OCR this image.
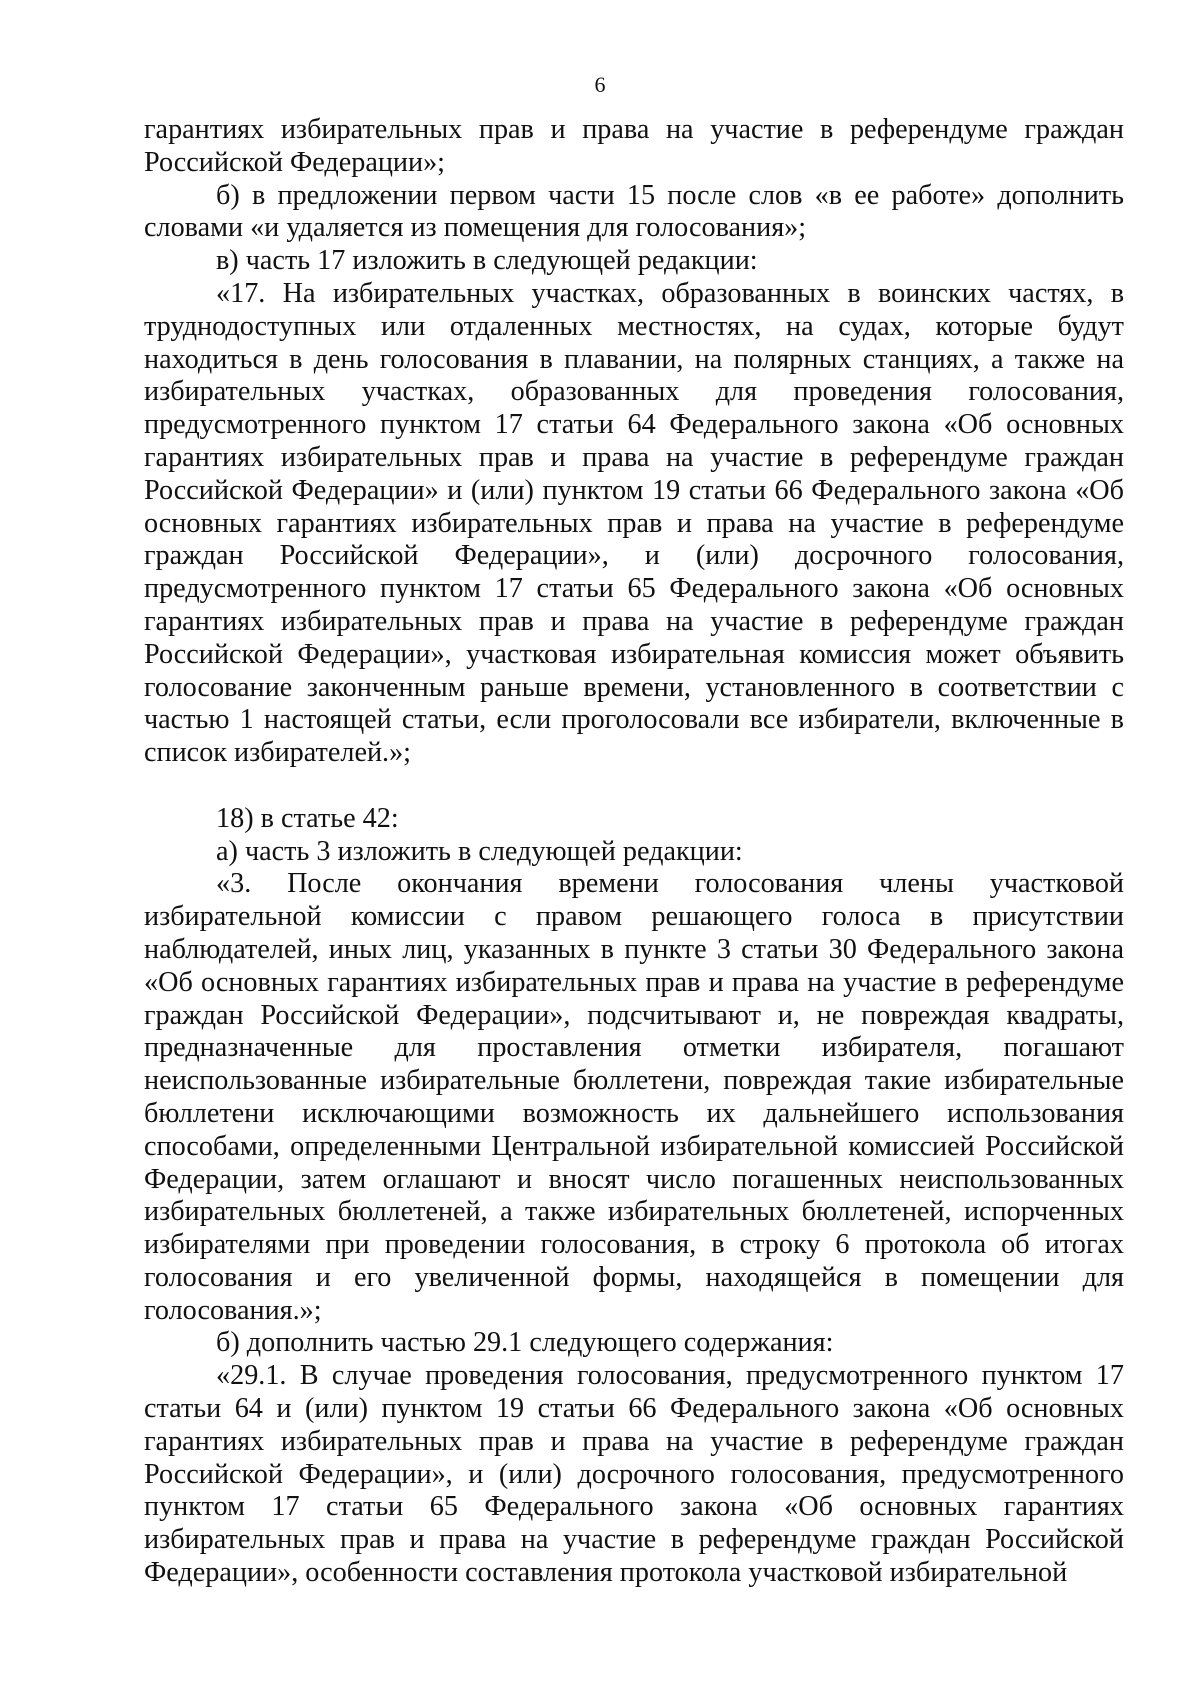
6

гарантиях избирательных прав и права на участие в референдуме граждан Российской Федерации»;

б) в предложении первом части 15 после слов «в ее работе» дополнить словами «и удаляется из помещения для голосования»;

в) часть 17 изложить в следующей редакции:

«17. На избирательных участках, образованных в воинских частях, в труднодоступных или отдаленных местностях, на судах, которые будут находиться в день голосования в плавании, на полярных станциях, а также на избирательных участках, образованных для проведения голосования, предусмотренного пунктом 17 статьи 64 Федерального закона «Об основных гарантиях избирательных прав и права на участие в референдуме граждан Российской Федерации» и (или) пунктом 19 статьи 66 Федерального закона «Об основных гарантиях избирательных прав и права на участие в референдуме граждан Российской Федерации», и (или) досрочного голосования, предусмотренного пунктом 17 статьи 65 Федерального закона «Об основных гарантиях избирательных прав и права на участие в референдуме граждан Российской Федерации», участковая избирательная комиссия может объявить голосование законченным раньше времени, установленного в соответствии с частью 1 настоящей статьи, если проголосовали все избиратели, включенные в список избирателей.»;

18) в статье 42:

а) часть 3 изложить в следующей редакции:

«3. После окончания времени голосования члены участковой избирательной комиссии с правом решающего голоса в присутствии наблюдателей, иных лиц, указанных в пункте 3 статьи 30 Федерального закона «Об основных гарантиях избирательных прав и права на участие в референдуме граждан Российской Федерации», подсчитывают и, не повреждая квадраты, предназначенные для проставления отметки избирателя, погашают неиспользованные избирательные бюллетени, повреждая такие избирательные бюллетени исключающими возможность их дальнейшего использования способами, определенными Центральной избирательной комиссией Российской Федерации, затем оглашают и вносят число погашенных неиспользованных избирательных бюллетеней, а также избирательных бюллетеней, испорченных избирателями при проведении голосования, в строку 6 протокола об итогах голосования и его увеличенной формы, находящейся в помещении для голосования.»;

б) дополнить частью 29.1 следующего содержания:

«29.1. В случае проведения голосования, предусмотренного пунктом 17 статьи 64 и (или) пунктом 19 статьи 66 Федерального закона «Об основных гарантиях избирательных прав и права на участие в референдуме граждан Российской Федерации», и (или) досрочного голосования, предусмотренного пунктом 17 статьи 65 Федерального закона «Об основных гарантиях избирательных прав и права на участие в референдуме граждан Российской Федерации», особенности составления протокола участковой избирательной
